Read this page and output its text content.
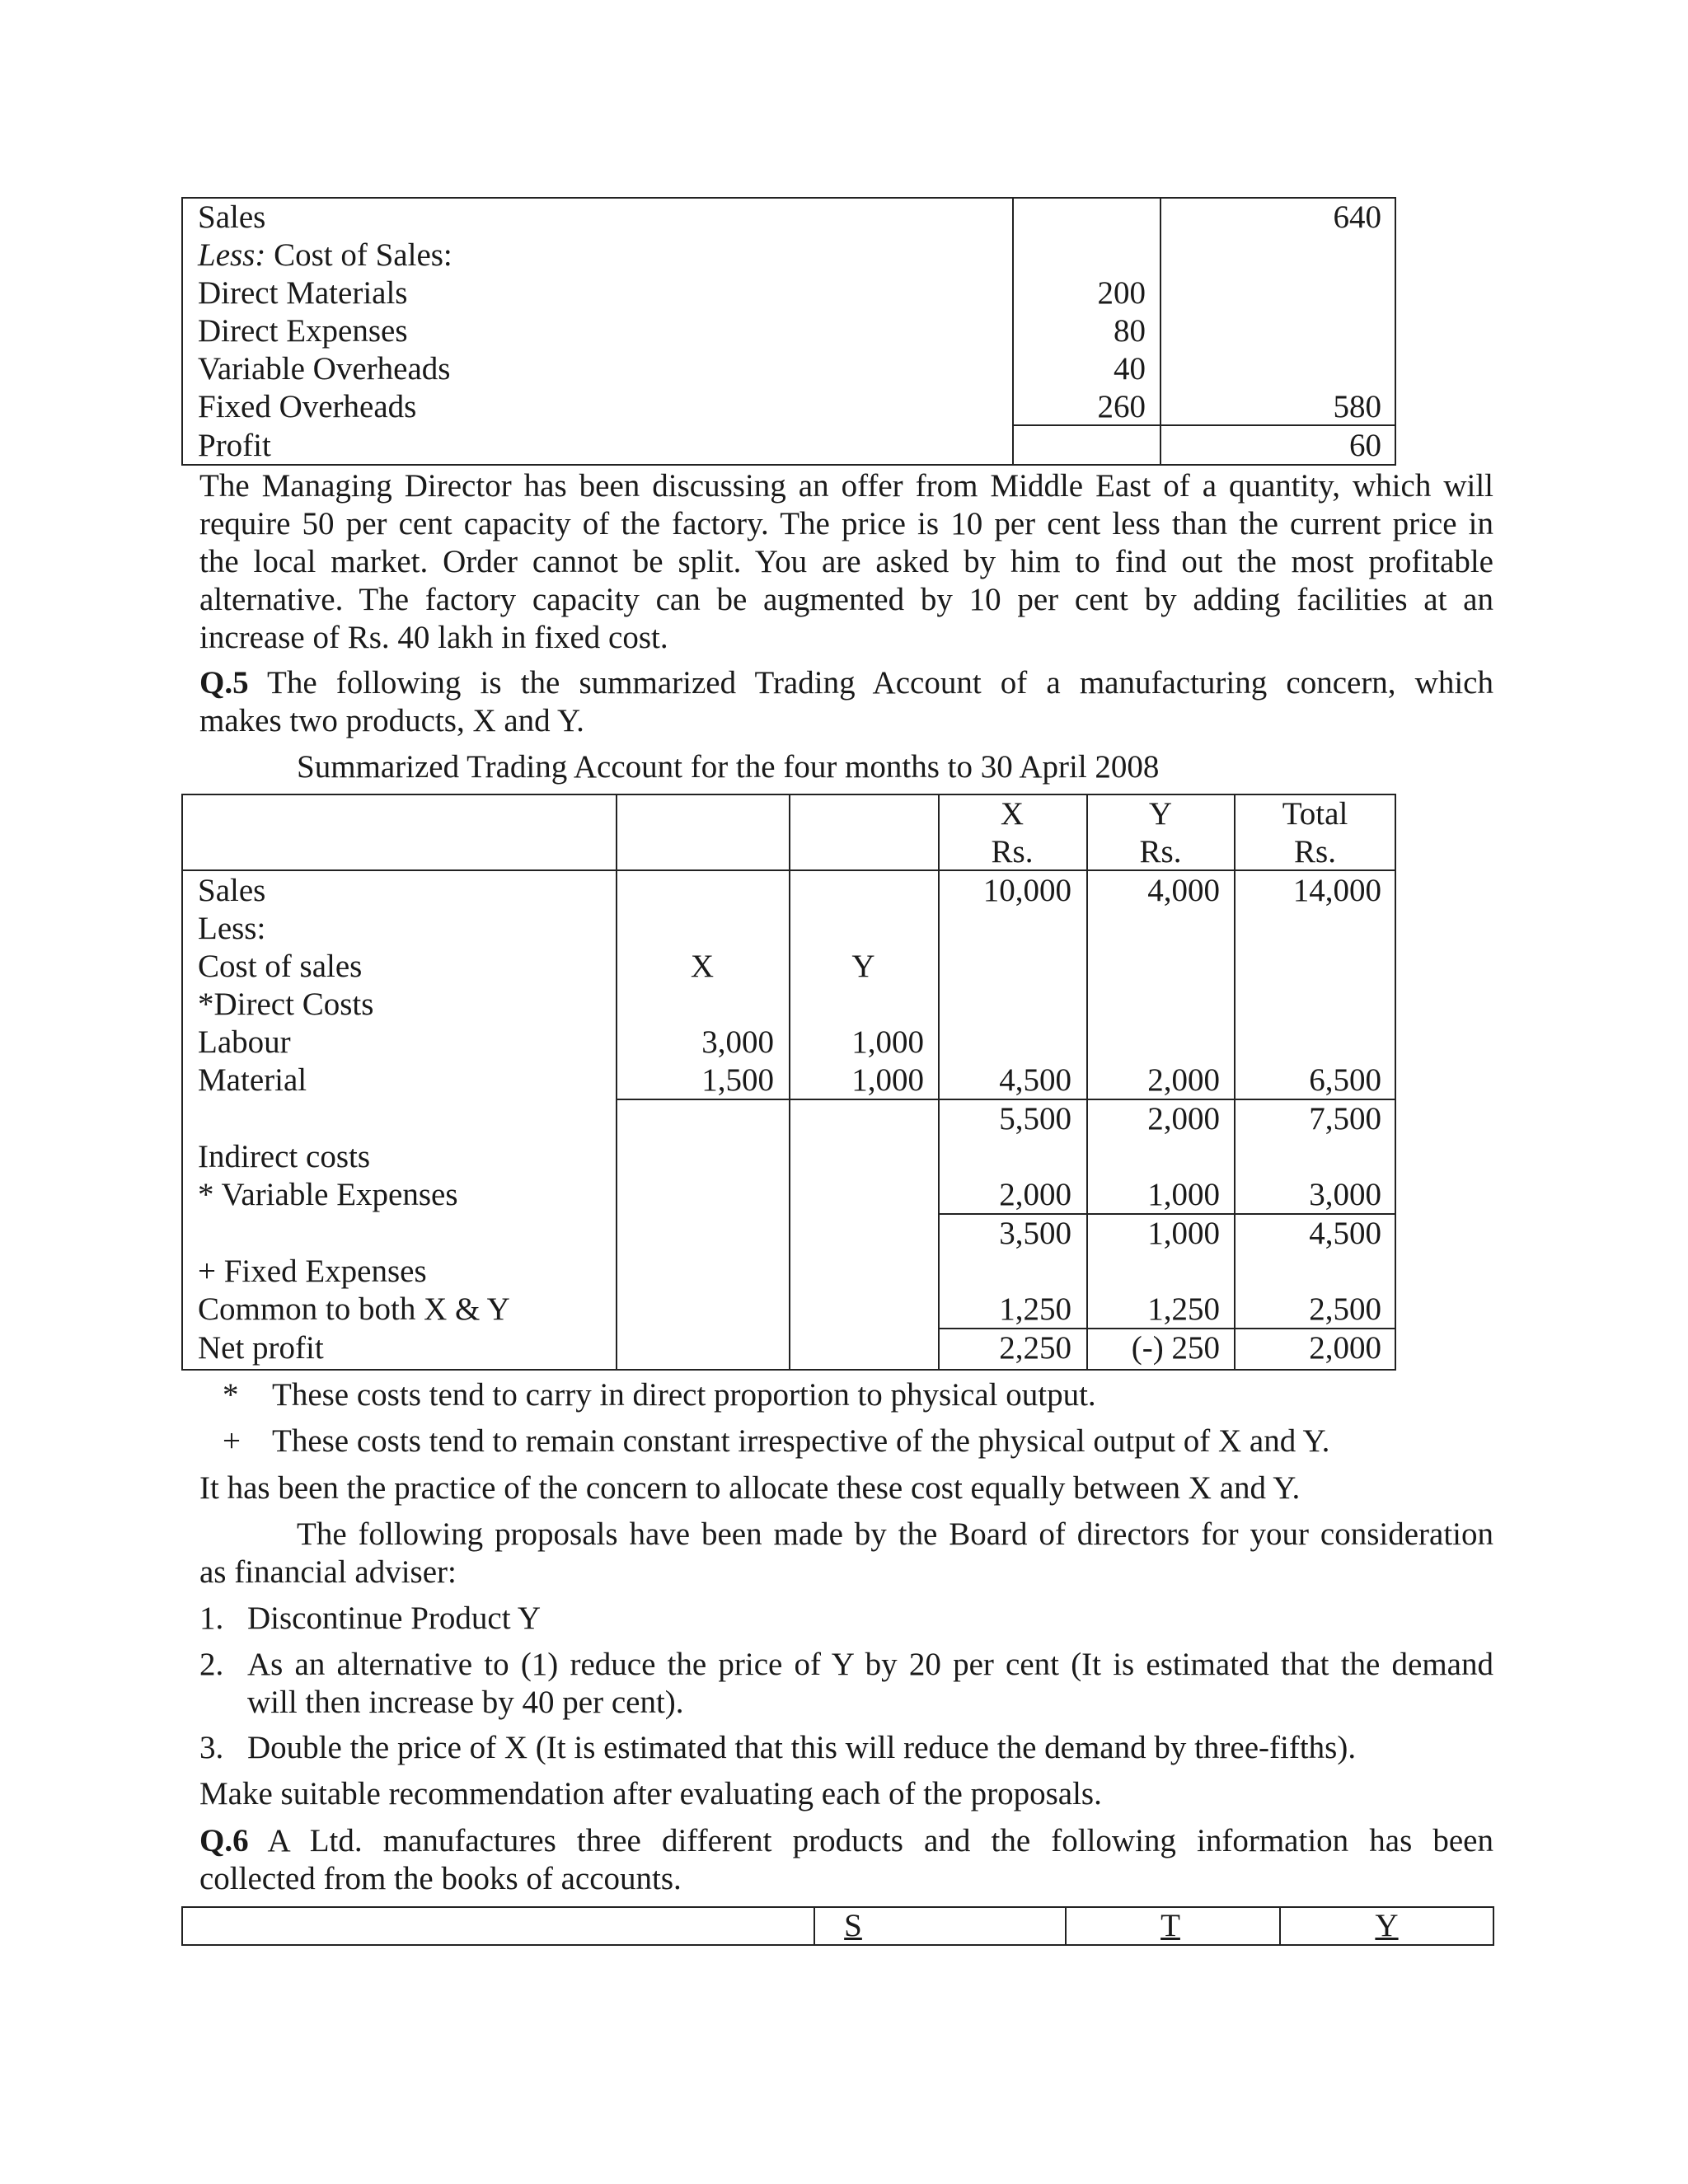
Sales
Less: Cost of Sales:
Direct Materials
Direct Expenses
Variable Overheads
Fixed Overheads
Profit
200
80
40
260
640
580
60
The Managing Director has been discussing an offer from Middle East of a quantity, which will
require 50 per cent capacity of the factory. The price is 10 per cent less than the current price in
the local market. Order cannot be split. You are asked by him to find out the most profitable
alternative. The factory capacity can be augmented by 10 per cent by adding facilities at an
increase of Rs. 40 lakh in fixed cost.
Q.5 The following is the summarized Trading Account of a manufacturing concern, which
makes two products, X and Y.
Summarized Trading Account for the four months to 30 April 2008
X
Rs.
Y
Rs.
Total
Rs.
Sales
Less:
Cost of sales
*Direct Costs
Labour
Material
Indirect costs
* Variable Expenses
+ Fixed Expenses
Common to both X & Y
Net profit
X
3,000
1,500
Y
1,000
1,000
10,000
4,500
5,500
2,000
3,500
1,250
2,250
4,000
2,000
2,000
1,000
1,000
1,250
(-) 250
14,000
6,500
7,500
3,000
4,500
2,500
2,000
* These costs tend to carry in direct proportion to physical output.
+ These costs tend to remain constant irrespective of the physical output of X and Y.
It has been the practice of the concern to allocate these cost equally between X and Y.
The following proposals have been made by the Board of directors for your consideration
as financial adviser:
1. Discontinue Product Y
2. As an alternative to (1) reduce the price of Y by 20 per cent (It is estimated that the demand
will then increase by 40 per cent).
3. Double the price of X (It is estimated that this will reduce the demand by three-fifths).
Make suitable recommendation after evaluating each of the proposals.
Q.6 A Ltd. manufactures three different products and the following information has been
collected from the books of accounts.
S	T	Y
